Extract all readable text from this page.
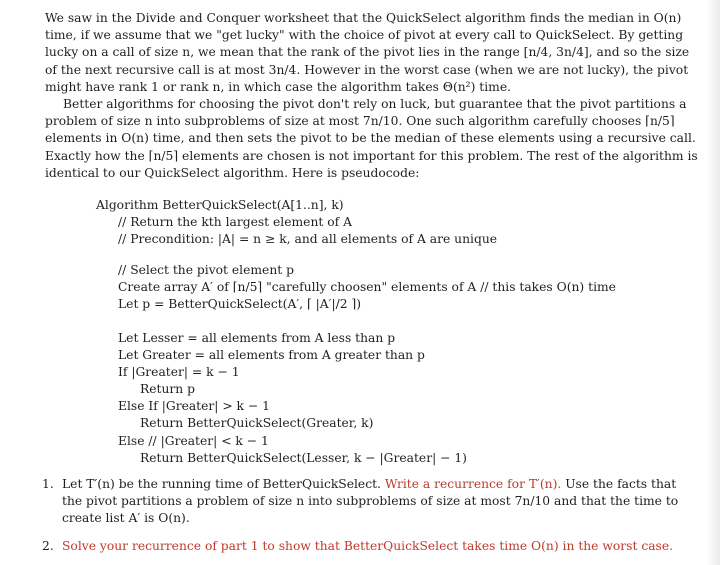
We saw in the Divide and Conquer worksheet that the QuickSelect algorithm finds the median in O(n)
time, if we assume that we "get lucky" with the choice of pivot at every call to QuickSelect. By getting
lucky on a call of size n, we mean that the rank of the pivot lies in the range [n/4, 3n/4], and so the size
of the next recursive call is at most 3n/4. However in the worst case (when we are not lucky), the pivot
might have rank 1 or rank n, in which case the algorithm takes Θ(n²) time.

Better algorithms for choosing the pivot don't rely on luck, but guarantee that the pivot partitions a
problem of size n into subproblems of size at most 7n/10. One such algorithm carefully chooses ⌈n/5⌉
elements in O(n) time, and then sets the pivot to be the median of these elements using a recursive call.
Exactly how the ⌈n/5⌉ elements are chosen is not important for this problem. The rest of the algorithm is
identical to our QuickSelect algorithm. Here is pseudocode:

Algorithm BetterQuickSelect(A[1..n], k)
// Return the kth largest element of A
// Precondition: |A| = n ≥ k, and all elements of A are unique
// Select the pivot element p
Create array A′ of ⌈n/5⌉ "carefully choosen" elements of A // this takes O(n) time
Let p = BetterQuickSelect(A′, ⌈ |A′|/2 ⌉)
Let Lesser = all elements from A less than p
Let Greater = all elements from A greater than p
If |Greater| = k − 1
Return p
Else If |Greater| > k − 1
Return BetterQuickSelect(Greater, k)
Else // |Greater| < k − 1
Return BetterQuickSelect(Lesser, k − |Greater| − 1)
1. Let T′(n) be the running time of BetterQuickSelect. Write a recurrence for T′(n). Use the facts that
the pivot partitions a problem of size n into subproblems of size at most 7n/10 and that the time to
create list A′ is O(n).
2. Solve your recurrence of part 1 to show that BetterQuickSelect takes time O(n) in the worst case.
